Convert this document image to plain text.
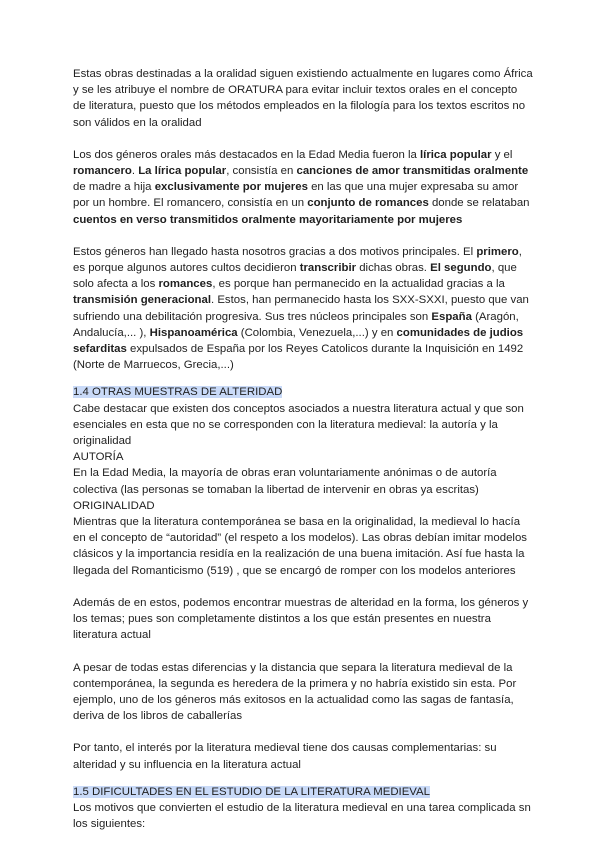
Estas obras destinadas a la oralidad siguen existiendo actualmente en lugares como África y se les atribuye el nombre de ORATURA para evitar incluir textos orales en el concepto de literatura, puesto que los métodos empleados en la filología para los textos escritos no son válidos en la oralidad

Los dos géneros orales más destacados en la Edad Media fueron la lírica popular y el romancero. La lírica popular, consistía en canciones de amor transmitidas oralmente de madre a hija exclusivamente por mujeres en las que una mujer expresaba su amor por un hombre. El romancero, consistía en un conjunto de romances donde se relataban cuentos en verso transmitidos oralmente mayoritariamente por mujeres

Estos géneros han llegado hasta nosotros gracias a dos motivos principales. El primero, es porque algunos autores cultos decidieron transcribir dichas obras. El segundo, que solo afecta a los romances, es porque han permanecido en la actualidad gracias a la transmisión generacional. Estos, han permanecido hasta los SXX-SXXI, puesto que van sufriendo una debilitación progresiva. Sus tres núcleos principales son España (Aragón, Andalucía,... ), Hispanoamérica (Colombia, Venezuela,...) y en comunidades de judios sefarditas expulsados de España por los Reyes Catolicos durante la Inquisición en 1492 (Norte de Marruecos, Grecia,...)

1.4 OTRAS MUESTRAS DE ALTERIDAD

Cabe destacar que existen dos conceptos asociados a nuestra literatura actual y que son esenciales en esta que no se corresponden con la literatura medieval: la autoría y la originalidad

AUTORÍA

En la Edad Media, la mayoría de obras eran voluntariamente anónimas o de autoría colectiva (las personas se tomaban la libertad de intervenir en obras ya escritas)

ORIGINALIDAD

Mientras que la literatura contemporánea se basa en la originalidad, la medieval lo hacía en el concepto de “autoridad” (el respeto a los modelos). Las obras debían imitar modelos clásicos y la importancia residía en la realización de una buena imitación. Así fue hasta la llegada del Romanticismo (519) , que se encargó de romper con los modelos anteriores

Además de en estos, podemos encontrar muestras de alteridad en la forma, los géneros y los temas; pues son completamente distintos a los que están presentes en nuestra literatura actual

A pesar de todas estas diferencias y la distancia que separa la literatura medieval de la contemporánea, la segunda es heredera de la primera y no habría existido sin esta. Por ejemplo, uno de los géneros más exitosos en la actualidad como las sagas de fantasía, deriva de los libros de caballerías

Por tanto, el interés por la literatura medieval tiene dos causas complementarias: su alteridad y su influencia en la literatura actual

1.5 DIFICULTADES EN EL ESTUDIO DE LA LITERATURA MEDIEVAL

Los motivos que convierten el estudio de la literatura medieval en una tarea complicada sn los siguientes:
